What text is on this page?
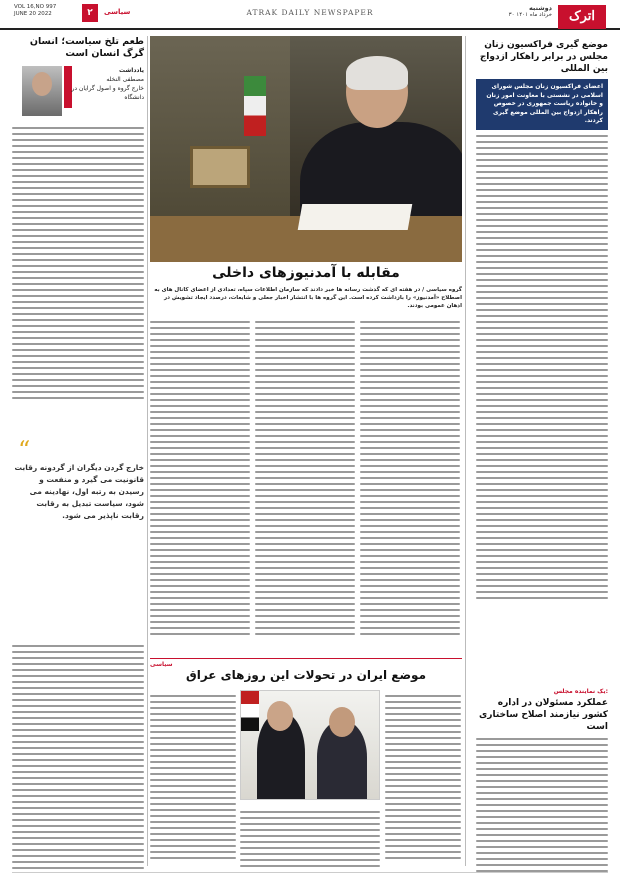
اترک
دوشنبه
۳۰ خرداد ماه ۱۴۰۱
ATRAK DAILY NEWSPAPER
VOL 16,NO 997
JUNE 20 2022	۲	سیاسی
موضع گیری فراکسیون زنان مجلس در برابر راهکار ازدواج بین المللی
اعضای فراکسیون زنان مجلس شورای اسلامی در نشستی با معاونت امور زنان و خانواده ریاست جمهوری در خصوص راهکار ازدواج بین المللی موضع گیری کردند.
یک نماینده مجلس:
عملکرد مسئولان در اداره کشور نیازمند اصلاح ساختاری است
مقابله با آمدنیوزهای داخلی
گروه سیاسی / در هفته ای که گذشت رسانه ها خبر دادند که سازمان اطلاعات سپاه، تعدادی از اعضای کانال های به اصطلاح «آمدنیوز» را بازداشت کرده است. این گروه ها با انتشار اخبار جعلی و شایعات، درصدد ایجاد تشویش در اذهان عمومی بودند.
طعم تلخ سیاست؛ انسان گرگ انسان است
یادداشت
مصطفی النخله
خارج گروه و اصول گرایان در دانشگاه
“
خارج گردن دیگران از گردونه رقابت قانونیت می گیرد و منفعت و رسیدن به رتبه اول، نهادینه می شود، سیاست تبدیل به رقابت رقابت ناپذیر می شود.
سیاسی
موضع ایران در تحولات این روزهای عراق
